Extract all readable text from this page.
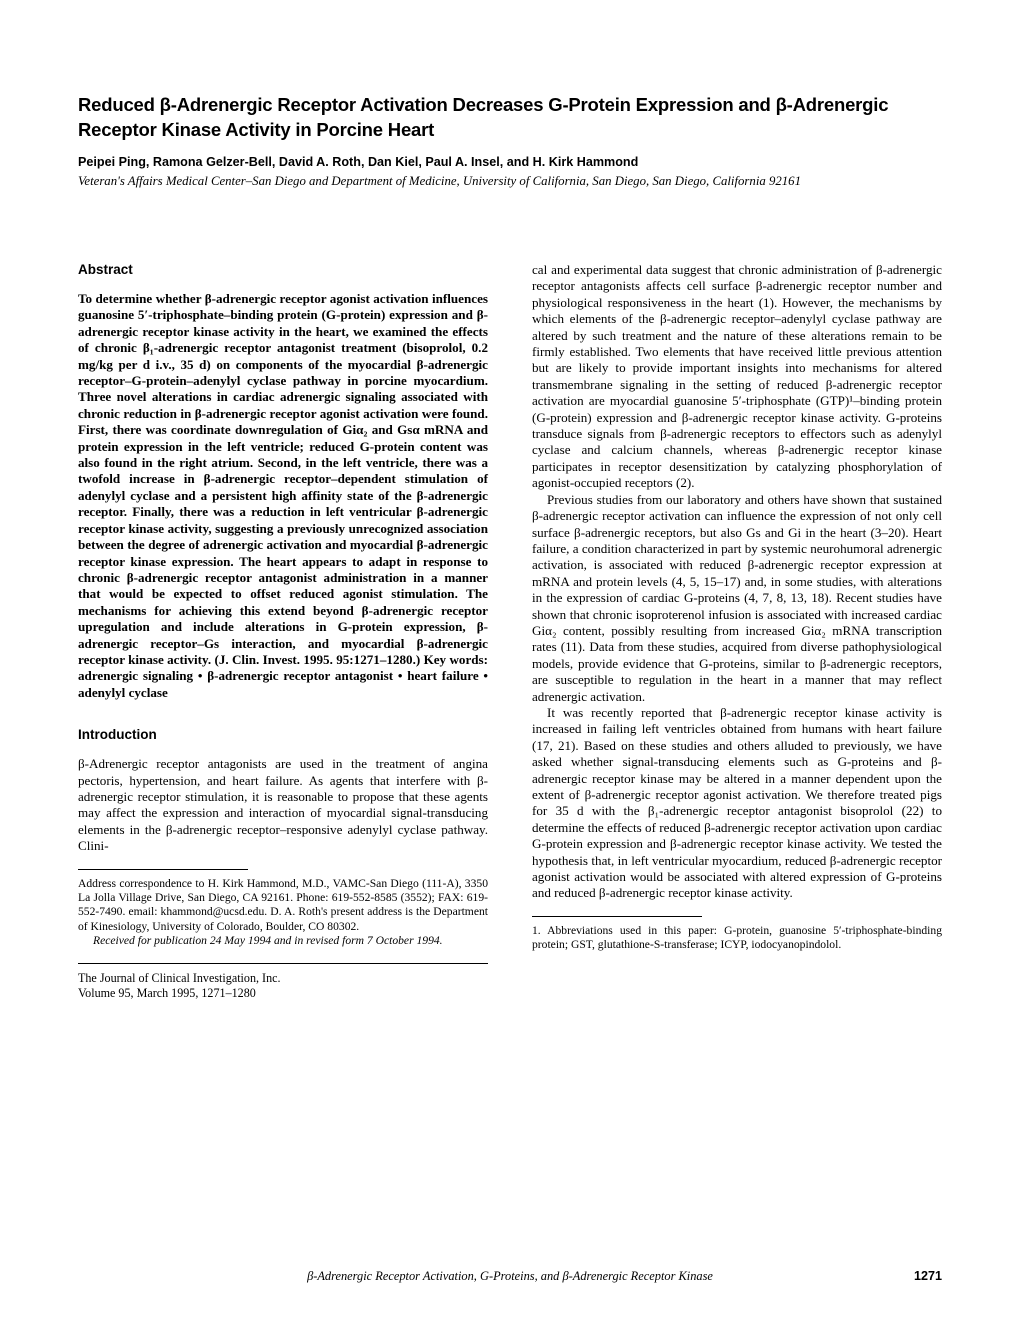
Reduced β-Adrenergic Receptor Activation Decreases G-Protein Expression and β-Adrenergic Receptor Kinase Activity in Porcine Heart
Peipei Ping, Ramona Gelzer-Bell, David A. Roth, Dan Kiel, Paul A. Insel, and H. Kirk Hammond
Veteran's Affairs Medical Center–San Diego and Department of Medicine, University of California, San Diego, San Diego, California 92161
Abstract

To determine whether β-adrenergic receptor agonist activation influences guanosine 5′-triphosphate–binding protein (G-protein) expression and β-adrenergic receptor kinase activity in the heart, we examined the effects of chronic β₁-adrenergic receptor antagonist treatment (bisoprolol, 0.2 mg/kg per d i.v., 35 d) on components of the myocardial β-adrenergic receptor–G-protein–adenylyl cyclase pathway in porcine myocardium. Three novel alterations in cardiac adrenergic signaling associated with chronic reduction in β-adrenergic receptor agonist activation were found. First, there was coordinate downregulation of Giα₂ and Gsα mRNA and protein expression in the left ventricle; reduced G-protein content was also found in the right atrium. Second, in the left ventricle, there was a twofold increase in β-adrenergic receptor–dependent stimulation of adenylyl cyclase and a persistent high affinity state of the β-adrenergic receptor. Finally, there was a reduction in left ventricular β-adrenergic receptor kinase activity, suggesting a previously unrecognized association between the degree of adrenergic activation and myocardial β-adrenergic receptor kinase expression. The heart appears to adapt in response to chronic β-adrenergic receptor antagonist administration in a manner that would be expected to offset reduced agonist stimulation. The mechanisms for achieving this extend beyond β-adrenergic receptor upregulation and include alterations in G-protein expression, β-adrenergic receptor–Gs interaction, and myocardial β-adrenergic receptor kinase activity. (J. Clin. Invest. 1995. 95:1271–1280.) Key words: adrenergic signaling • β-adrenergic receptor antagonist • heart failure • adenylyl cyclase

Introduction

β-Adrenergic receptor antagonists are used in the treatment of angina pectoris, hypertension, and heart failure. As agents that interfere with β-adrenergic receptor stimulation, it is reasonable to propose that these agents may affect the expression and interaction of myocardial signal-transducing elements in the β-adrenergic receptor–responsive adenylyl cyclase pathway. Clini-

Address correspondence to H. Kirk Hammond, M.D., VAMC-San Diego (111-A), 3350 La Jolla Village Drive, San Diego, CA 92161. Phone: 619-552-8585 (3552); FAX: 619-552-7490. email: khammond@ucsd.edu. D. A. Roth's present address is the Department of Kinesiology, University of Colorado, Boulder, CO 80302.

Received for publication 24 May 1994 and in revised form 7 October 1994.

The Journal of Clinical Investigation, Inc.

Volume 95, March 1995, 1271–1280

cal and experimental data suggest that chronic administration of β-adrenergic receptor antagonists affects cell surface β-adrenergic receptor number and physiological responsiveness in the heart (1). However, the mechanisms by which elements of the β-adrenergic receptor–adenylyl cyclase pathway are altered by such treatment and the nature of these alterations remain to be firmly established. Two elements that have received little previous attention but are likely to provide important insights into mechanisms for altered transmembrane signaling in the setting of reduced β-adrenergic receptor activation are myocardial guanosine 5′-triphosphate (GTP)¹–binding protein (G-protein) expression and β-adrenergic receptor kinase activity. G-proteins transduce signals from β-adrenergic receptors to effectors such as adenylyl cyclase and calcium channels, whereas β-adrenergic receptor kinase participates in receptor desensitization by catalyzing phosphorylation of agonist-occupied receptors (2).

Previous studies from our laboratory and others have shown that sustained β-adrenergic receptor activation can influence the expression of not only cell surface β-adrenergic receptors, but also Gs and Gi in the heart (3–20). Heart failure, a condition characterized in part by systemic neurohumoral adrenergic activation, is associated with reduced β-adrenergic receptor expression at mRNA and protein levels (4, 5, 15–17) and, in some studies, with alterations in the expression of cardiac G-proteins (4, 7, 8, 13, 18). Recent studies have shown that chronic isoproterenol infusion is associated with increased cardiac Giα₂ content, possibly resulting from increased Giα₂ mRNA transcription rates (11). Data from these studies, acquired from diverse pathophysiological models, provide evidence that G-proteins, similar to β-adrenergic receptors, are susceptible to regulation in the heart in a manner that may reflect adrenergic activation.

It was recently reported that β-adrenergic receptor kinase activity is increased in failing left ventricles obtained from humans with heart failure (17, 21). Based on these studies and others alluded to previously, we have asked whether signal-transducing elements such as G-proteins and β-adrenergic receptor kinase may be altered in a manner dependent upon the extent of β-adrenergic receptor agonist activation. We therefore treated pigs for 35 d with the β₁-adrenergic receptor antagonist bisoprolol (22) to determine the effects of reduced β-adrenergic receptor activation upon cardiac G-protein expression and β-adrenergic receptor kinase activity. We tested the hypothesis that, in left ventricular myocardium, reduced β-adrenergic receptor agonist activation would be associated with altered expression of G-proteins and reduced β-adrenergic receptor kinase activity.

1. Abbreviations used in this paper: G-protein, guanosine 5′-triphosphate-binding protein; GST, glutathione-S-transferase; ICYP, iodocyanopindolol.

β-Adrenergic Receptor Activation, G-Proteins, and β-Adrenergic Receptor Kinase	1271
